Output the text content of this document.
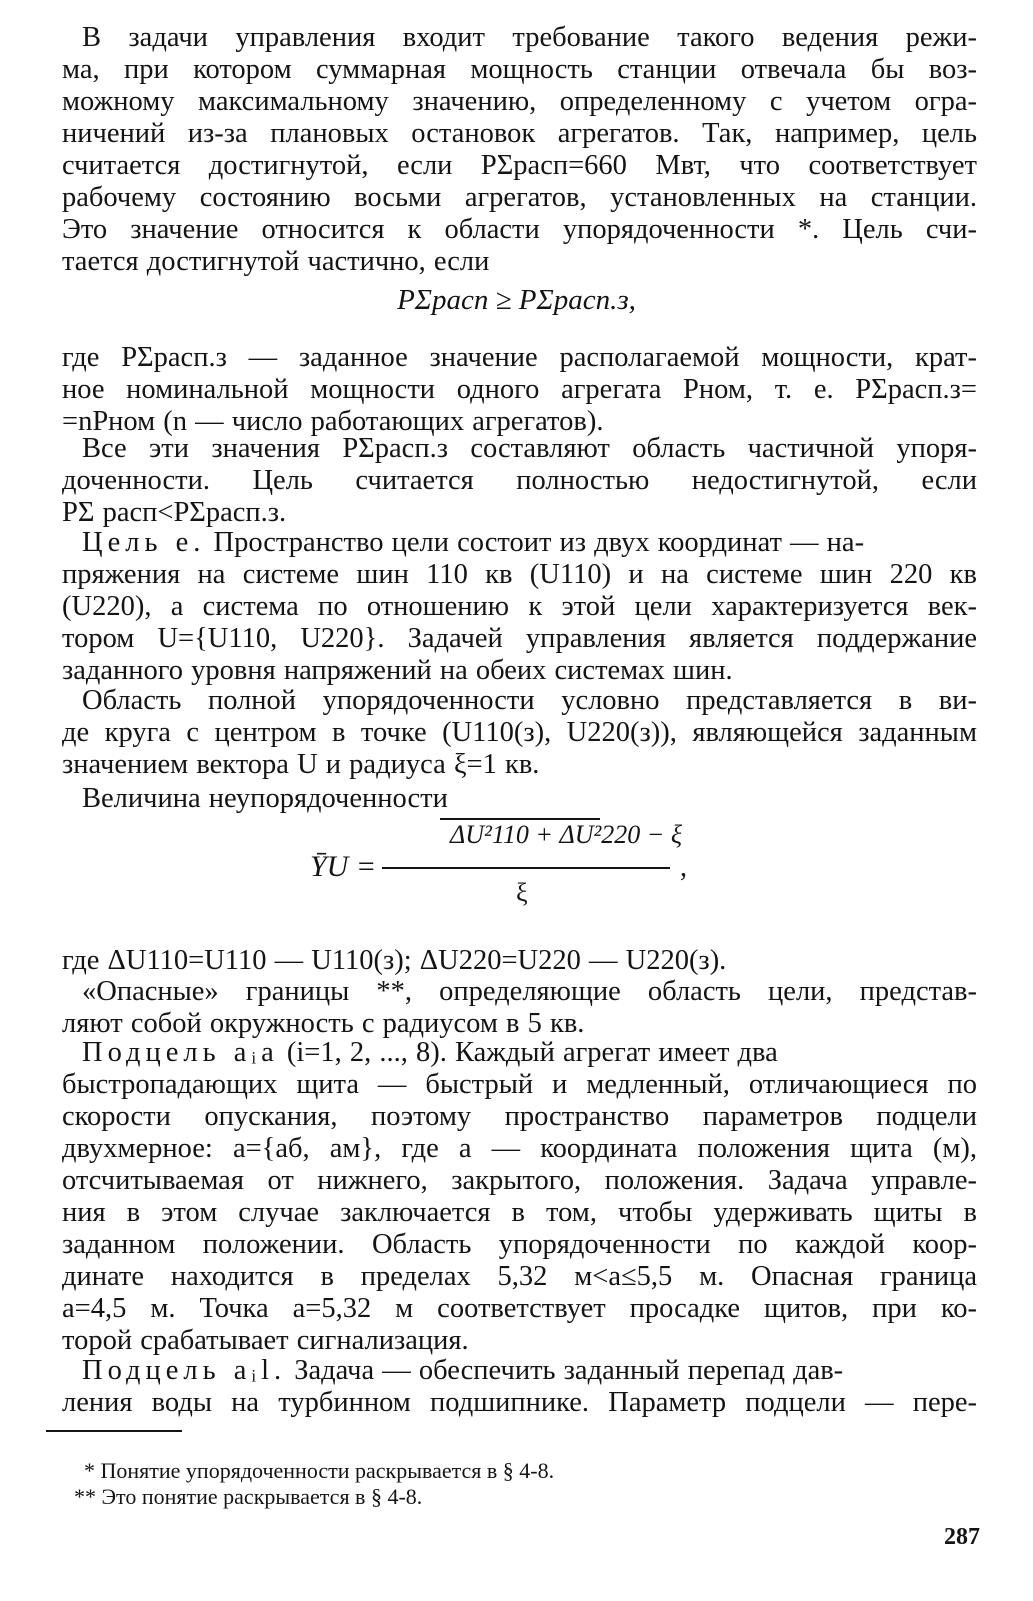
В задачи управления входит требование такого ведения режи-
ма, при котором суммарная мощность станции отвечала бы воз-
можному максимальному значению, определенному с учетом огра-
ничений из-за плановых остановок агрегатов. Так, например, цель
считается достигнутой, если PΣрасп=660 Мвт, что соответствует
рабочему состоянию восьми агрегатов, установленных на станции.
Это значение относится к области упорядоченности *. Цель счи-
тается достигнутой частично, если
PΣрасп ≥ PΣрасп.з,
где PΣрасп.з — заданное значение располагаемой мощности, крат-
ное номинальной мощности одного агрегата Pном, т. е. PΣрасп.з=
=nPном (n — число работающих агрегатов).
Все эти значения PΣрасп.з составляют область частичной упоря-
доченности. Цель считается полностью недостигнутой, если
PΣ расп<PΣрасп.з.
Цель е. Пространство цели состоит из двух координат — на-
пряжения на системе шин 110 кв (U110) и на системе шин 220 кв
(U220), а система по отношению к этой цели характеризуется век-
тором U={U110, U220}. Задачей управления является поддержание
заданного уровня напряжений на обеих системах шин.
Область полной упорядоченности условно представляется в ви-
де круга с центром в точке (U110(з), U220(з)), являющейся заданным
значением вектора U и радиуса ξ=1 кв.
Величина неупорядоченности
ȲU =
ΔU²110 + ΔU²220 − ξ
ξ
,
где ΔU110=U110 — U110(з); ΔU220=U220 — U220(з).
«Опасные» границы **, определяющие область цели, представ-
ляют собой окружность с радиусом в 5 кв.
Подцель aᵢa (i=1, 2, ..., 8). Каждый агрегат имеет два
быстропадающих щита — быстрый и медленный, отличающиеся по
скорости опускания, поэтому пространство параметров подцели
двухмерное: a={aб, aм}, где a — координата положения щита (м),
отсчитываемая от нижнего, закрытого, положения. Задача управле-
ния в этом случае заключается в том, чтобы удерживать щиты в
заданном положении. Область упорядоченности по каждой коор-
динате находится в пределах 5,32 м<a≤5,5 м. Опасная граница
a=4,5 м. Точка a=5,32 м соответствует просадке щитов, при ко-
торой срабатывает сигнализация.
Подцель aᵢl. Задача — обеспечить заданный перепад дав-
ления воды на турбинном подшипнике. Параметр подцели — пере-
* Понятие упорядоченности раскрывается в § 4-8.
** Это понятие раскрывается в § 4-8.
287
